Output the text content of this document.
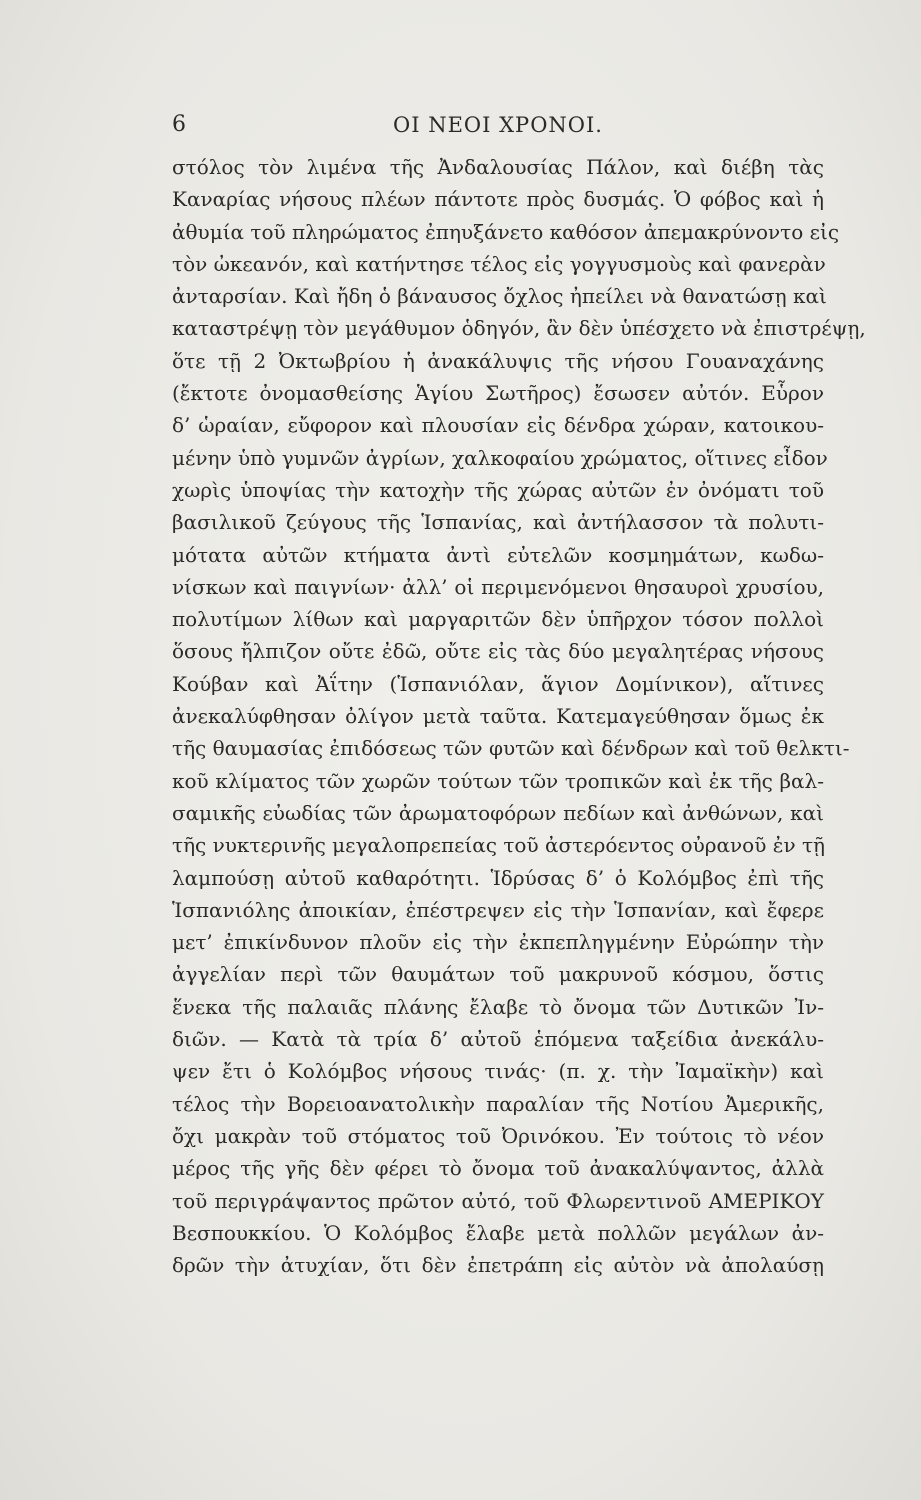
6	ΟΙ ΝΕΟΙ ΧΡΟΝΟΙ.
στόλος τὸν λιμένα τῆς Ἀνδαλουσίας Πάλον, καὶ διέβη τὰς
Καναρίας νήσους πλέων πάντοτε πρὸς δυσμάς. Ὁ φόβος καὶ ἡ
ἀθυμία τοῦ πληρώματος ἐπηυξάνετο καθόσον ἀπεμακρύνοντο εἰς
τὸν ὠκεανόν, καὶ κατήντησε τέλος εἰς γογγυσμοὺς καὶ φανερὰν
ἀνταρσίαν. Καὶ ἤδη ὁ βάναυσος ὄχλος ἠπείλει νὰ θανατώσῃ καὶ
καταστρέψῃ τὸν μεγάθυμον ὁδηγόν, ἂν δὲν ὑπέσχετο νὰ ἐπιστρέψῃ,
ὅτε τῇ 2 Ὀκτωβρίου ἡ ἀνακάλυψις τῆς νήσου Γουαναχάνης
(ἔκτοτε ὀνομασθείσης Ἁγίου Σωτῆρος) ἔσωσεν αὐτόν. Εὗρον
δ’ ὡραίαν, εὔφορον καὶ πλουσίαν εἰς δένδρα χώραν, κατοικου-
μένην ὑπὸ γυμνῶν ἀγρίων, χαλκοφαίου χρώματος, οἵτινες εἶδον
χωρὶς ὑποψίας τὴν κατοχὴν τῆς χώρας αὐτῶν ἐν ὀνόματι τοῦ
βασιλικοῦ ζεύγους τῆς Ἱσπανίας, καὶ ἀντήλασσον τὰ πολυτι-
μότατα αὐτῶν κτήματα ἀντὶ εὐτελῶν κοσμημάτων, κωδω-
νίσκων καὶ παιγνίων· ἀλλ’ οἱ περιμενόμενοι θησαυροὶ χρυσίου,
πολυτίμων λίθων καὶ μαργαριτῶν δὲν ὑπῆρχον τόσον πολλοὶ
ὅσους ἤλπιζον οὔτε ἐδῶ, οὔτε εἰς τὰς δύο μεγαλητέρας νήσους
Κούβαν καὶ Ἀΐτην (Ἱσπανιόλαν, ἅγιον Δομίνικον), αἵτινες
ἀνεκαλύφθησαν ὀλίγον μετὰ ταῦτα. Κατεμαγεύθησαν ὅμως ἐκ
τῆς θαυμασίας ἐπιδόσεως τῶν φυτῶν καὶ δένδρων καὶ τοῦ θελκτι-
κοῦ κλίματος τῶν χωρῶν τούτων τῶν τροπικῶν καὶ ἐκ τῆς βαλ-
σαμικῆς εὐωδίας τῶν ἀρωματοφόρων πεδίων καὶ ἀνθώνων, καὶ
τῆς νυκτερινῆς μεγαλοπρεπείας τοῦ ἀστερόεντος οὐρανοῦ ἐν τῇ
λαμπούσῃ αὐτοῦ καθαρότητι. Ἱδρύσας δ’ ὁ Κολόμβος ἐπὶ τῆς
Ἱσπανιόλης ἀποικίαν, ἐπέστρεψεν εἰς τὴν Ἱσπανίαν, καὶ ἔφερε
μετ’ ἐπικίνδυνον πλοῦν εἰς τὴν ἐκπεπληγμένην Εὐρώπην τὴν
ἀγγελίαν περὶ τῶν θαυμάτων τοῦ μακρυνοῦ κόσμου, ὅστις
ἕνεκα τῆς παλαιᾶς πλάνης ἔλαβε τὸ ὄνομα τῶν Δυτικῶν Ἰν-
διῶν. — Κατὰ τὰ τρία δ’ αὐτοῦ ἑπόμενα ταξείδια ἀνεκάλυ-
ψεν ἔτι ὁ Κολόμβος νήσους τινάς· (π. χ. τὴν Ἰαμαϊκὴν) καὶ
τέλος τὴν Βορειοανατολικὴν παραλίαν τῆς Νοτίου Ἀμερικῆς,
ὄχι μακρὰν τοῦ στόματος τοῦ Ὀρινόκου. Ἐν τούτοις τὸ νέον
μέρος τῆς γῆς δὲν φέρει τὸ ὄνομα τοῦ ἀνακαλύψαντος, ἀλλὰ
τοῦ περιγράψαντος πρῶτον αὐτό, τοῦ Φλωρεντινοῦ ΑΜΕΡΙΚΟΥ
Βεσπουκκίου. Ὁ Κολόμβος ἔλαβε μετὰ πολλῶν μεγάλων ἀν-
δρῶν τὴν ἀτυχίαν, ὅτι δὲν ἐπετράπη εἰς αὐτὸν νὰ ἀπολαύσῃ
